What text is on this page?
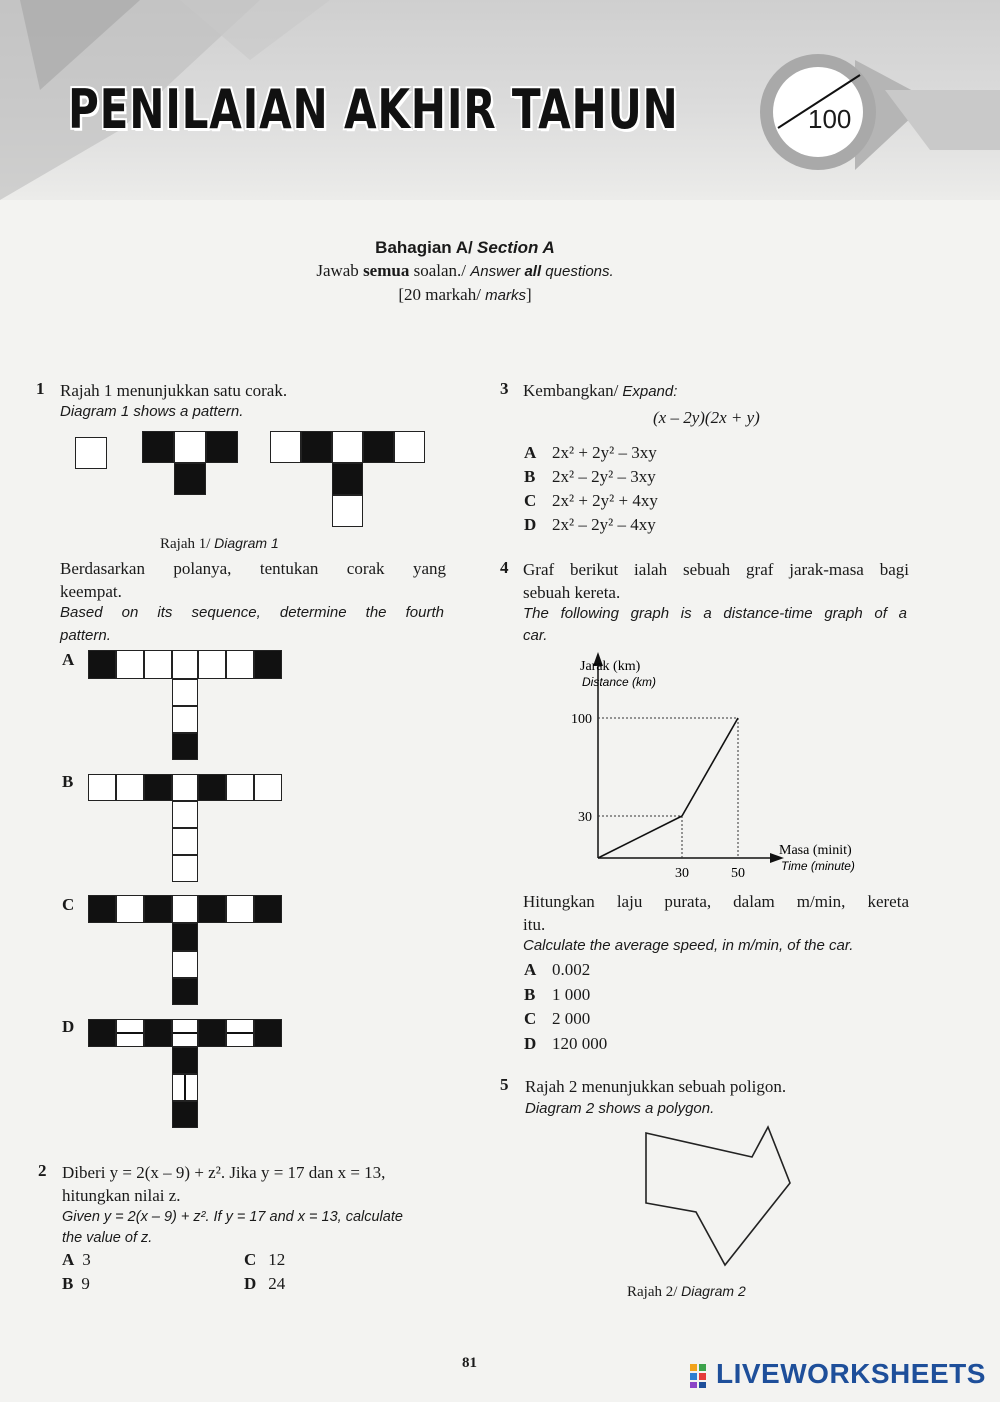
PENILAIAN AKHIR TAHUN	100
Bahagian A/ Section A
Jawab semua soalan./ Answer all questions.
[20 markah/ marks]
1 Rajah 1 menunjukkan satu corak.
Diagram 1 shows a pattern.
Rajah 1/ Diagram 1
Berdasarkan polanya, tentukan corak yang
keempat.
Based on its sequence, determine the fourth
pattern.
A
B
C
D
2 Diberi y = 2(x – 9) + z². Jika y = 17 dan x = 13,
hitungkan nilai z.
Given y = 2(x – 9) + z². If y = 17 and x = 13, calculate
the value of z.
A 3
B 9
C 12
D 24
3 Kembangkan/ Expand:
(x – 2y)(2x + y)
A 2x² + 2y² – 3xy
B 2x² – 2y² – 3xy
C 2x² + 2y² + 4xy
D 2x² – 2y² – 4xy
4 Graf berikut ialah sebuah graf jarak-masa bagi
sebuah kereta.
The following graph is a distance-time graph of a
car.
Jarak (km)
Distance (km)
Masa (minit)
Time (minute)
30
100
30	50
Hitungkan laju purata, dalam m/min, kereta
itu.
Calculate the average speed, in m/min, of the car.
A 0.002
B 1 000
C 2 000
D 120 000
5 Rajah 2 menunjukkan sebuah poligon.
Diagram 2 shows a polygon.
Rajah 2/ Diagram 2
81	LIVEWORKSHEETS
